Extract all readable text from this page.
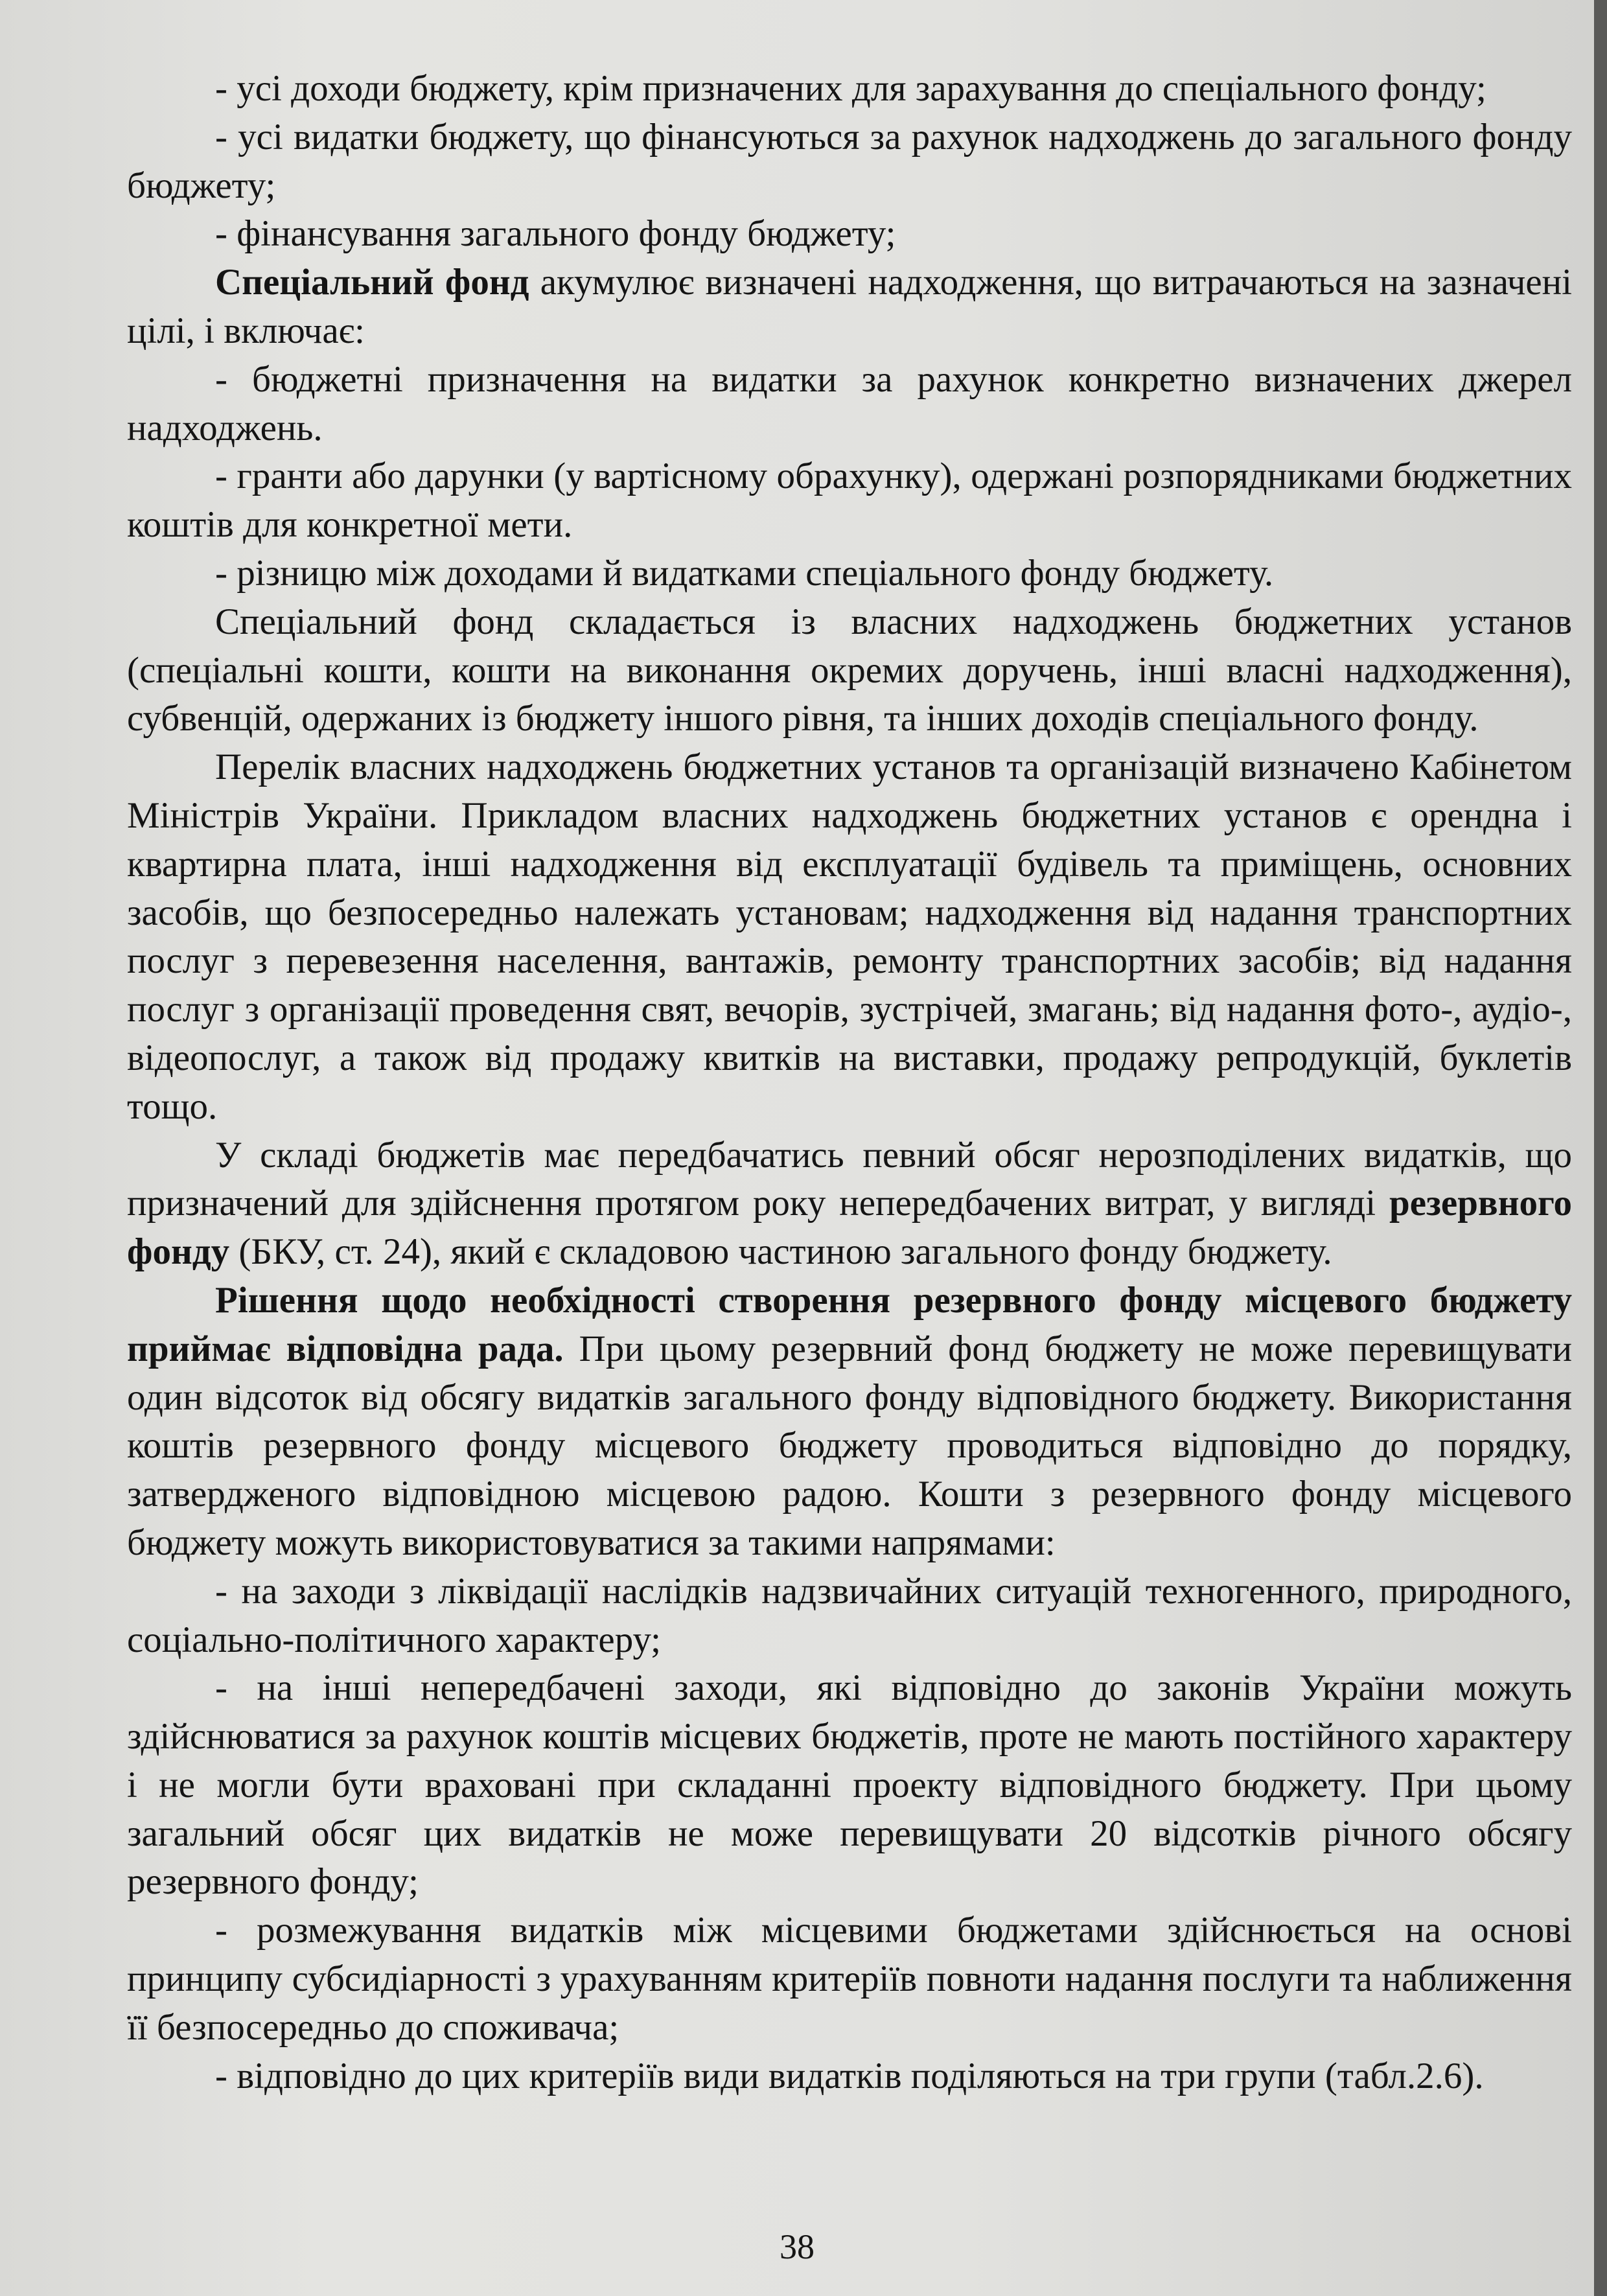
- усі доходи бюджету, крім призначених для зарахування до спеціального фонду;

- усі видатки бюджету, що фінансуються за рахунок надходжень до загального фонду бюджету;

- фінансування загального фонду бюджету;

Спеціальний фонд акумулює визначені надходження, що витрачаються на зазначені цілі, і включає:

- бюджетні призначення на видатки за рахунок конкретно визначених джерел надходжень.

- гранти або дарунки (у вартісному обрахунку), одержані розпорядниками бюджетних коштів для конкретної мети.

- різницю між доходами й видатками спеціального фонду бюджету.

Спеціальний фонд складається із власних надходжень бюджетних установ (спеціальні кошти, кошти на виконання окремих доручень, інші власні надходження), субвенцій, одержаних із бюджету іншого рівня, та інших доходів спеціального фонду.

Перелік власних надходжень бюджетних установ та організацій визначено Кабінетом Міністрів України. Прикладом власних надходжень бюджетних установ є орендна і квартирна плата, інші надходження від експлуатації будівель та приміщень, основних засобів, що безпосередньо належать установам; надходження від надання транспортних послуг з перевезення населення, вантажів, ремонту транспортних засобів; від надання послуг з організації проведення свят, вечорів, зустрічей, змагань; від надання фото-, аудіо-, відеопослуг, а також від продажу квитків на виставки, продажу репродукцій, буклетів тощо.

У складі бюджетів має передбачатись певний обсяг нерозподілених видатків, що призначений для здійснення протягом року непередбачених витрат, у вигляді резервного фонду (БКУ, ст. 24), який є складовою частиною загального фонду бюджету.

Рішення щодо необхідності створення резервного фонду місцевого бюджету приймає відповідна рада. При цьому резервний фонд бюджету не може перевищувати один відсоток від обсягу видатків загального фонду відповідного бюджету. Використання коштів резервного фонду місцевого бюджету проводиться відповідно до порядку, затвердженого відповідною місцевою радою. Кошти з резервного фонду місцевого бюджету можуть використовуватися за такими напрямами:

- на заходи з ліквідації наслідків надзвичайних ситуацій техногенного, природного, соціально-політичного характеру;

- на інші непередбачені заходи, які відповідно до законів України можуть здійснюватися за рахунок коштів місцевих бюджетів, проте не мають постійного характеру і не могли бути враховані при складанні проекту відповідного бюджету. При цьому загальний обсяг цих видатків не може перевищувати 20 відсотків річного обсягу резервного фонду;

- розмежування видатків між місцевими бюджетами здійснюється на основі принципу субсидіарності з урахуванням критеріїв повноти надання послуги та наближення її безпосередньо до споживача;

- відповідно до цих критеріїв види видатків поділяються на три групи (табл.2.6).

38
